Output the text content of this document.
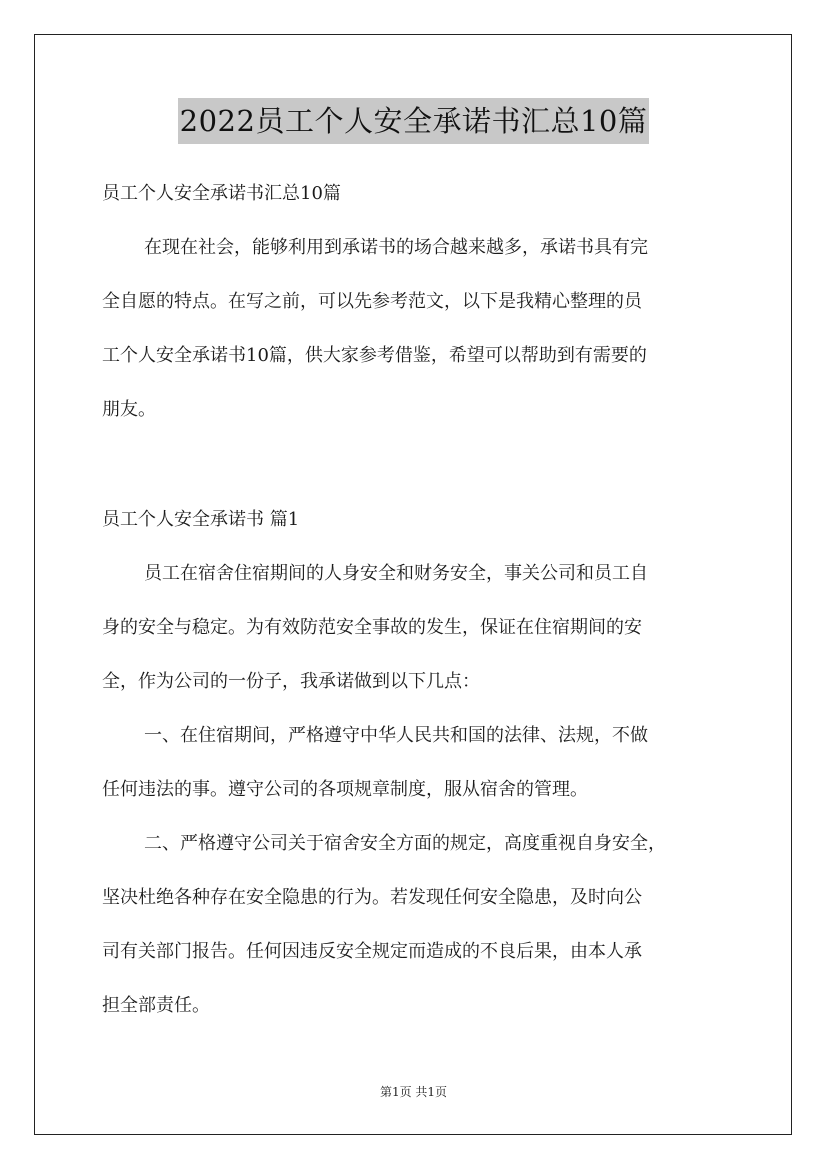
2022员工个人安全承诺书汇总10篇
员工个人安全承诺书汇总10篇
在现在社会，能够利用到承诺书的场合越来越多，承诺书具有完
全自愿的特点。在写之前，可以先参考范文，以下是我精心整理的员
工个人安全承诺书10篇，供大家参考借鉴，希望可以帮助到有需要的
朋友。
员工个人安全承诺书 篇1
员工在宿舍住宿期间的人身安全和财务安全，事关公司和员工自
身的安全与稳定。为有效防范安全事故的发生，保证在住宿期间的安
全，作为公司的一份子，我承诺做到以下几点：
一、在住宿期间，严格遵守中华人民共和国的法律、法规，不做
任何违法的事。遵守公司的各项规章制度，服从宿舍的管理。
二、严格遵守公司关于宿舍安全方面的规定，高度重视自身安全，
坚决杜绝各种存在安全隐患的行为。若发现任何安全隐患，及时向公
司有关部门报告。任何因违反安全规定而造成的不良后果，由本人承
担全部责任。
第1页 共1页
